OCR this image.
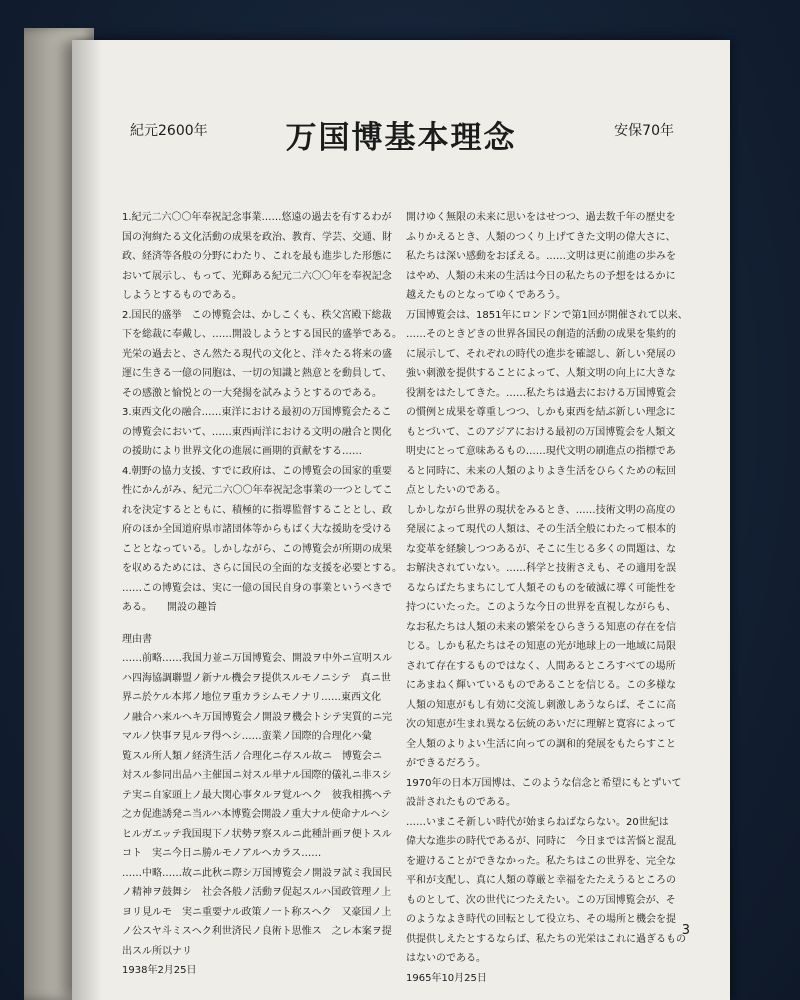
紀元2600年	万国博基本理念	安保70年

1.紀元二六〇〇年奉祝記念事業……悠遠の過去を有するわが

国の洵絢たる文化活動の成果を政治、教育、学芸、交通、財

政、経済等各般の分野にわたり、これを最も進歩した形態に

おいて展示し、もって、光輝ある紀元二六〇〇年を奉祝記念

しようとするものである。

2.国民的盛挙　この博覧会は、かしこくも、秩父宮殿下総裁

下を総裁に奉戴し、……開設しようとする国民的盛挙である。

光栄の過去と、さん然たる現代の文化と、洋々たる将来の盛

運に生きる一億の同胞は、一切の知識と熱意とを動員して、

その感激と愉悦との一大発揚を試みようとするのである。

3.東西文化の融合……東洋における最初の万国博覧会たるこ

の博覧会において、……東西両洋における文明の融合と関化

の援助により世界文化の進展に画期的貢献をする……

4.朝野の協力支援、すでに政府は、この博覧会の国家的重要

性にかんがみ、紀元二六〇〇年奉祝記念事業の一つとしてこ

れを決定するとともに、積極的に指導監督することとし、政

府のほか全国道府県市諸団体等からもばく大な援助を受ける

こととなっている。しかしながら、この博覧会が所期の成果

を収めるためには、さらに国民の全面的な支援を必要とする。

……この博覧会は、実に一億の国民自身の事業というべきで

ある。　　開設の趣旨

理由書

……前略……我国力並ニ万国博覧会、開設ヲ中外ニ宣明スル

ハ四海協調聯盟ノ新ナル機会ヲ提供スルモノニシテ　真ニ世

界ニ於ケル本邦ノ地位ヲ重カラシムモノナリ……東西文化

ノ融合ハ来ルヘキ万国博覧会ノ開設ヲ機会トシテ実質的ニ完

マルノ快事ヲ見ルヲ得ヘシ……蛮業ノ国際的合理化ハ彙

覧スル所人類ノ経済生活ノ合理化ニ存スル故ニ　博覧会ニ

対スル参同出品ハ主催国ニ対スル単ナル国際的儀礼ニ非スシ

テ実ニ自家頭上ノ最大関心事タルヲ覚ルヘク　彼我相携ヘテ

之カ促進誘発ニ当ルハ本博覧会開設ノ重大ナル使命ナルヘシ

ヒルガエッテ我国現下ノ状勢ヲ察スルニ此種計画ヲ便トスル

コト　実ニ今日ニ勝ルモノアルヘカラス……

……中略……故ニ此秋ニ際シ万国博覧会ノ開設ヲ試ミ我国民

ノ精神ヲ鼓舞シ　社会各般ノ活動ヲ促起スルハ国政管理ノ上

ヨリ見ルモ　実ニ重要ナル政策ノ一ト称スヘク　又豪国ノ上

ノ公スヤ斗ミスヘク利世済民ノ良術ト思惟ス　之レ本案ヲ提

出スル所以ナリ

1938年2月25日

開けゆく無限の未来に思いをはせつつ、過去数千年の歴史を

ふりかえるとき、人類のつくり上げてきた文明の偉大さに、

私たちは深い感動をおぼえる。……文明は更に前進の歩みを

はやめ、人類の未来の生活は今日の私たちの予想をはるかに

越えたものとなってゆくであろう。

万国博覧会は、1851年にロンドンで第1回が開催されて以来、

……そのときどきの世界各国民の創造的活動の成果を集約的

に展示して、それぞれの時代の進歩を確認し、新しい発展の

強い刺激を提供することによって、人類文明の向上に大きな

役割をはたしてきた。……私たちは過去における万国博覧会

の慣例と成果を尊重しつつ、しかも東西を結ぶ新しい理念に

もとづいて、このアジアにおける最初の万国博覧会を人類文

明史にとって意味あるもの……現代文明の刷進点の指標であ

ると同時に、未来の人類のよりよき生活をひらくための転回

点としたいのである。

しかしながら世界の現状をみるとき、……技術文明の高度の

発展によって現代の人類は、その生活全般にわたって根本的

な変革を経験しつつあるが、そこに生じる多くの問題は、な

お解決されていない。……科学と技術さえも、その適用を誤

るならばたちまちにして人類そのものを破滅に導く可能性を

持つにいたった。このような今日の世界を直視しながらも、

なお私たちは人類の未来の繁栄をひらきうる知恵の存在を信

じる。しかも私たちはその知恵の光が地球上の一地域に局限

されて存在するものではなく、人間あるところすべての場所

にあまねく輝いているものであることを信じる。この多様な

人類の知恵がもし有効に交流し刺激しあうならば、そこに高

次の知恵が生まれ異なる伝統のあいだに理解と寛容によって

全人類のよりよい生活に向っての調和的発展をもたらすこと

ができるだろう。

1970年の日本万国博は、このような信念と希望にもとずいて

設計されたものである。

……いまこそ新しい時代が始まらねばならない。20世紀は

偉大な進歩の時代であるが、同時に　今日までは苦悩と混乱

を避けることができなかった。私たちはこの世界を、完全な

平和が支配し、真に人類の尊厳と幸福をたたえうるところの

ものとして、次の世代につたえたい。この万国博覧会が、そ

のようなよき時代の回転として役立ち、その場所と機会を提

供提供しえたとするならば、私たちの光栄はこれに過ぎるもの

はないのである。

1965年10月25日

3
